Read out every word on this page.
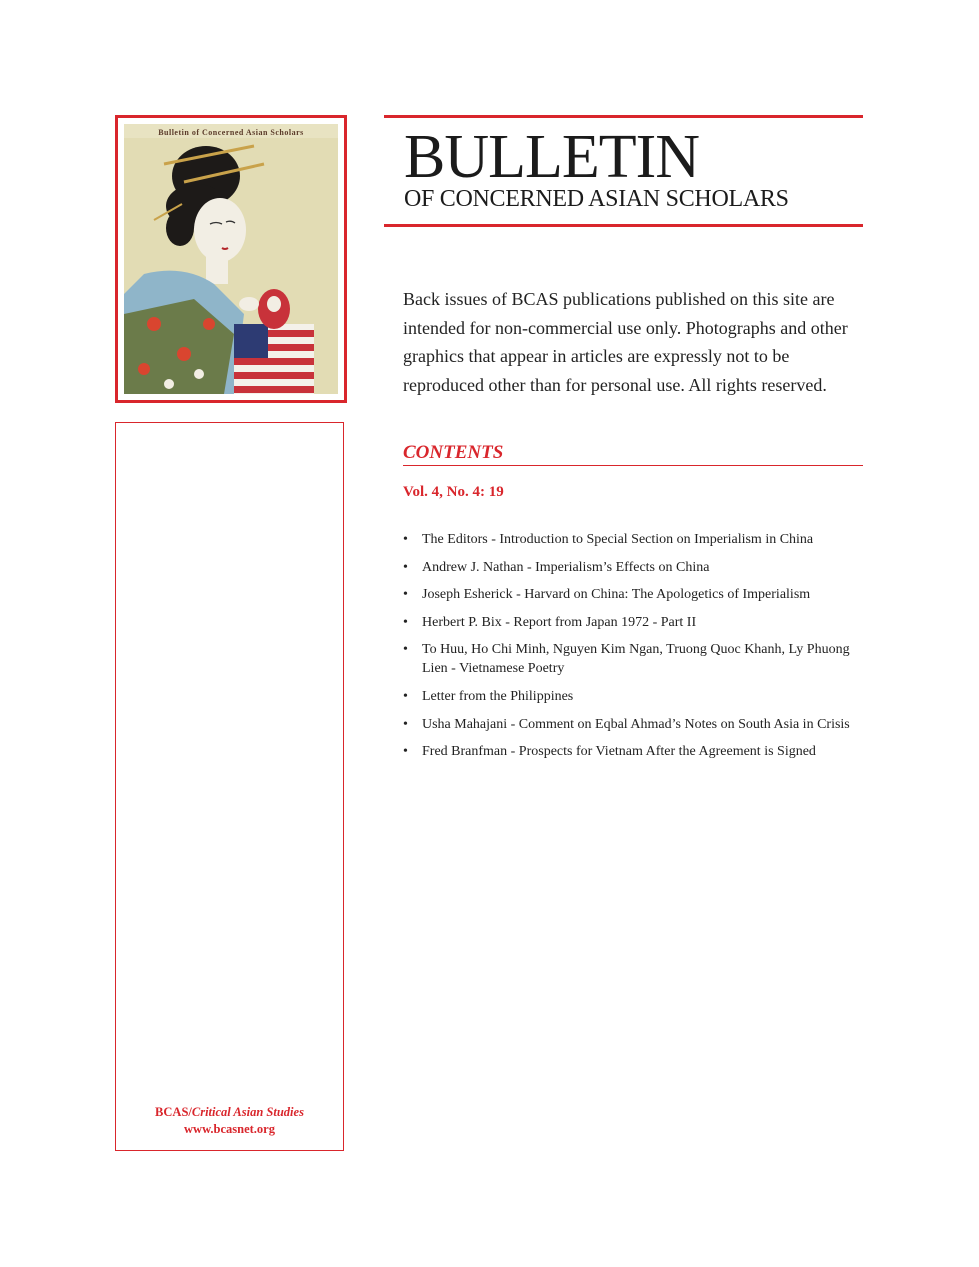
Bulletin of Concerned Asian Scholars
BCAS/Critical Asian Studies
www.bcasnet.org
BULLETIN
OF CONCERNED ASIAN SCHOLARS
Back issues of BCAS publications published on this site are intended for non-commercial use only. Photographs and other graphics that appear in articles are expressly not to be reproduced other than for personal use. All rights reserved.
CONTENTS
Vol. 4, No. 4: 19
• The Editors - Introduction to Special Section on Imperialism in China
• Andrew J. Nathan - Imperialism’s Effects on China
• Joseph Esherick - Harvard on China: The Apologetics of Imperialism
• Herbert P. Bix - Report from Japan 1972 - Part II
• To Huu, Ho Chi Minh, Nguyen Kim Ngan, Truong Quoc Khanh, Ly Phuong Lien - Vietnamese Poetry
• Letter from the Philippines
• Usha Mahajani - Comment on Eqbal Ahmad’s Notes on South Asia in Crisis
• Fred Branfman - Prospects for Vietnam After the Agreement is Signed
